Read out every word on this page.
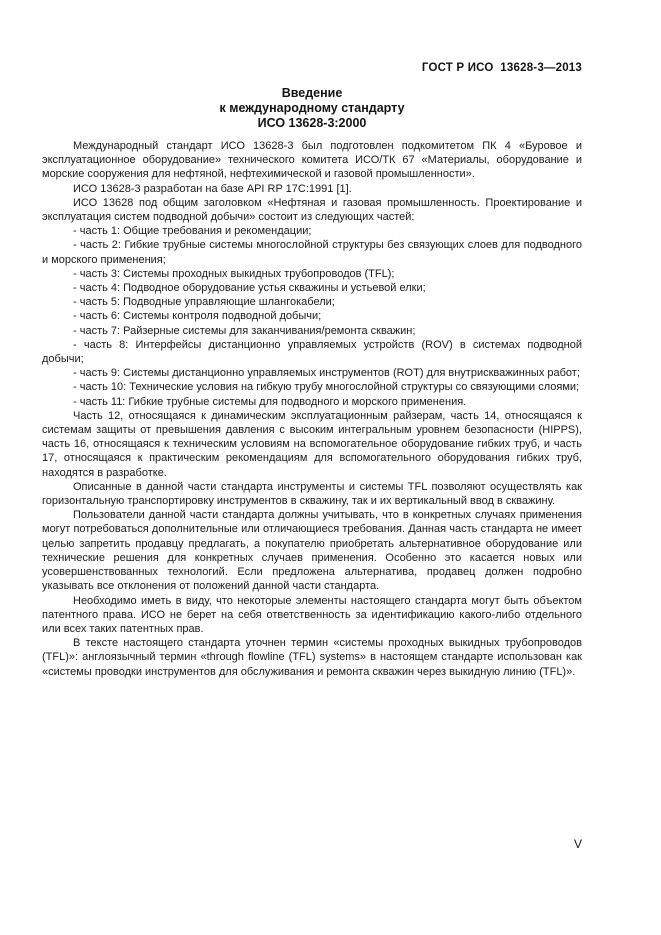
ГОСТ Р ИСО  13628-3—2013
Введение
к международному стандарту
ИСО 13628-3:2000

Международный стандарт ИСО 13628-3 был подготовлен подкомитетом ПК 4 «Буровое и эксплуатационное оборудование» технического комитета ИСО/ТК 67 «Материалы, оборудование и морские сооружения для нефтяной, нефтехимической и газовой промышленности».

ИСО 13628-3 разработан на базе API RP 17C:1991 [1].

ИСО 13628 под общим заголовком «Нефтяная и газовая промышленность. Проектирование и эксплуатация систем подводной добычи» состоит из следующих частей:

- часть 1: Общие требования и рекомендации;

- часть 2: Гибкие трубные системы многослойной структуры без связующих слоев для подводного и морского применения;

- часть 3: Системы проходных выкидных трубопроводов (TFL);

- часть 4: Подводное оборудование устья скважины и устьевой елки;

- часть 5: Подводные управляющие шлангокабели;

- часть 6: Системы контроля подводной добычи;

- часть 7: Райзерные системы для заканчивания/ремонта скважин;

- часть 8: Интерфейсы дистанционно управляемых устройств (ROV) в системах подводной добычи;

- часть 9: Системы дистанционно управляемых инструментов (ROT) для внутрискважинных работ;

- часть 10: Технические условия на гибкую трубу многослойной структуры со связующими слоями;

- часть 11: Гибкие трубные системы для подводного и морского применения.

Часть 12, относящаяся к динамическим эксплуатационным райзерам, часть 14, относящаяся к системам защиты от превышения давления с высоким интегральным уровнем безопасности (HIPPS), часть 16, относящаяся к техническим условиям на вспомогательное оборудование гибких труб, и часть 17, относящаяся к практическим рекомендациям для вспомогательного оборудования гибких труб, находятся в разработке.

Описанные в данной части стандарта инструменты и системы TFL позволяют осуществлять как горизонтальную транспортировку инструментов в скважину, так и их вертикальный ввод в скважину.

Пользователи данной части стандарта должны учитывать, что в конкретных случаях применения могут потребоваться дополнительные или отличающиеся требования. Данная часть стандарта не имеет целью запретить продавцу предлагать, а покупателю приобретать альтернативное оборудование или технические решения для конкретных случаев применения. Особенно это касается новых или усовершенствованных технологий. Если предложена альтернатива, продавец должен подробно указывать все отклонения от положений данной части стандарта.

Необходимо иметь в виду, что некоторые элементы настоящего стандарта могут быть объектом патентного права. ИСО не берет на себя ответственность за идентификацию какого-либо отдельного или всех таких патентных прав.

В тексте настоящего стандарта уточнен термин «системы проходных выкидных трубопроводов (TFL)»: англоязычный термин «through flowline (TFL) systems» в настоящем стандарте использован как «системы проводки инструментов для обслуживания и ремонта скважин через выкидную линию (TFL)».

V
